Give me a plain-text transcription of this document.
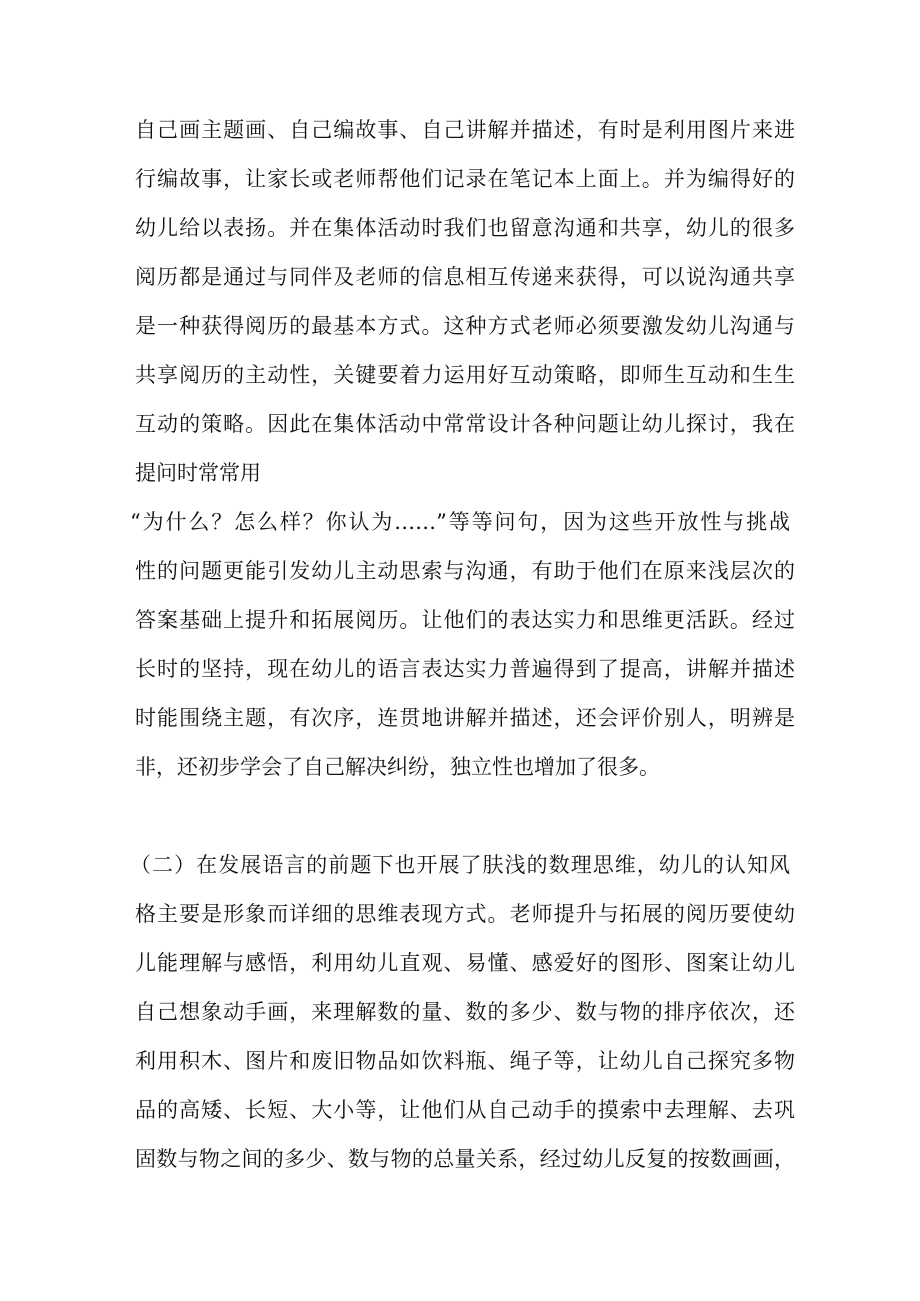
自己画主题画、自己编故事、自己讲解并描述，有时是利用图片来进
行编故事，让家长或老师帮他们记录在笔记本上面上。并为编得好的
幼儿给以表扬。并在集体活动时我们也留意沟通和共享，幼儿的很多
阅历都是通过与同伴及老师的信息相互传递来获得，可以说沟通共享
是一种获得阅历的最基本方式。这种方式老师必须要激发幼儿沟通与
共享阅历的主动性，关键要着力运用好互动策略，即师生互动和生生
互动的策略。因此在集体活动中常常设计各种问题让幼儿探讨，我在
提问时常常用
“为什么？怎么样？你认为……”等等问句，因为这些开放性与挑战
性的问题更能引发幼儿主动思索与沟通，有助于他们在原来浅层次的
答案基础上提升和拓展阅历。让他们的表达实力和思维更活跃。经过
长时的坚持，现在幼儿的语言表达实力普遍得到了提高，讲解并描述
时能围绕主题，有次序，连贯地讲解并描述，还会评价别人，明辨是
非，还初步学会了自己解决纠纷，独立性也增加了很多。
（二）在发展语言的前题下也开展了肤浅的数理思维，幼儿的认知风
格主要是形象而详细的思维表现方式。老师提升与拓展的阅历要使幼
儿能理解与感悟，利用幼儿直观、易懂、感爱好的图形、图案让幼儿
自己想象动手画，来理解数的量、数的多少、数与物的排序依次，还
利用积木、图片和废旧物品如饮料瓶、绳子等，让幼儿自己探究多物
品的高矮、长短、大小等，让他们从自己动手的摸索中去理解、去巩
固数与物之间的多少、数与物的总量关系，经过幼儿反复的按数画画，
